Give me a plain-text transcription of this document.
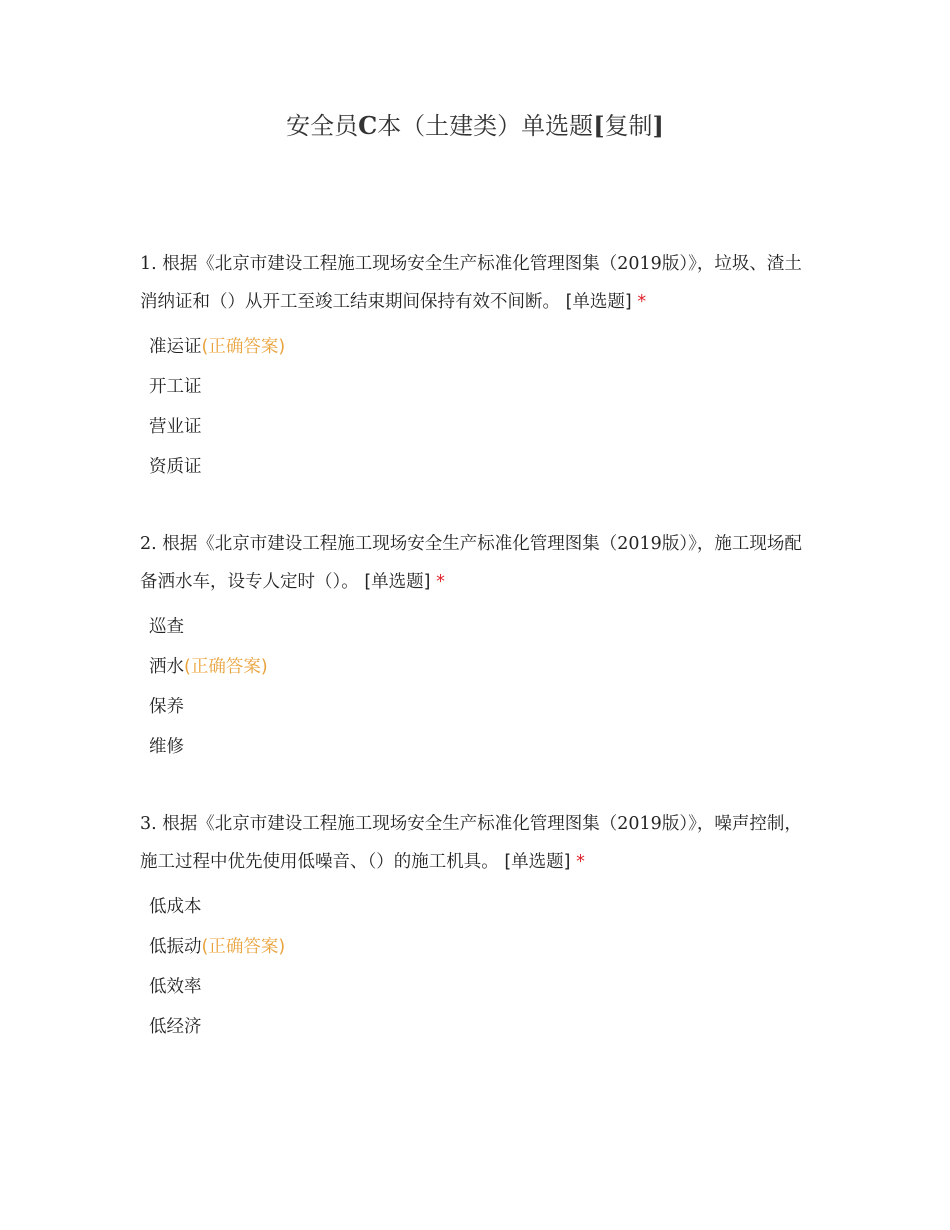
安全员C本（土建类）单选题[复制]

1. 根据《北京市建设工程施工现场安全生产标准化管理图集（2019版）》，垃圾、渣土消纳证和（）从开工至竣工结束期间保持有效不间断。 [单选题] *

准运证(正确答案)
开工证
营业证
资质证

2. 根据《北京市建设工程施工现场安全生产标准化管理图集（2019版）》，施工现场配备洒水车，设专人定时（）。 [单选题] *

巡查
洒水(正确答案)
保养
维修

3. 根据《北京市建设工程施工现场安全生产标准化管理图集（2019版）》，噪声控制，施工过程中优先使用低噪音、（）的施工机具。 [单选题] *

低成本
低振动(正确答案)
低效率
低经济
